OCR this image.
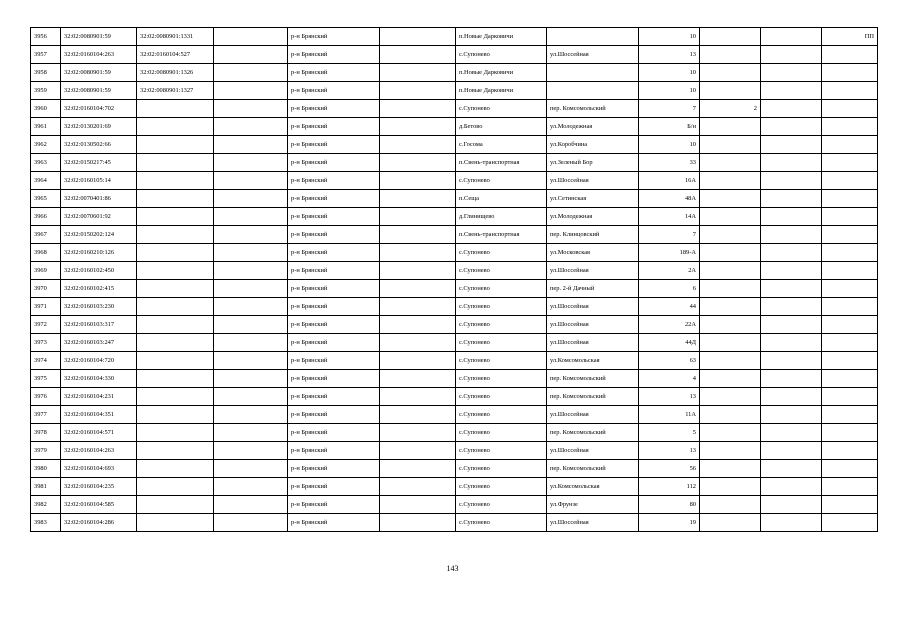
3956	32:02:0080901:59	32:02:0080901:1331		р-н Брянский		п.Новые Дарковичи		10			ПП
3957	32:02:0160104:263	32:02:0160104:527		р-н Брянский		с.Супонево	ул.Шоссейная	13			
3958	32:02:0080901:59	32:02:0080901:1326		р-н Брянский		п.Новые Дарковичи		10			
3959	32:02:0080901:59	32:02:0080901:1327		р-н Брянский		п.Новые Дарковичи		10			
3960	32:02:0160104:702			р-н Брянский		с.Супонево	пер. Комсомольский	7	2		
3961	32:02:0130201:69			р-н Брянский		д.Бетово	ул.Молодежная	Б/н			
3962	32:02:0130502:66			р-н Брянский		с.Госома	ул.Коробчина	10			
3963	32:02:0150217:45			р-н Брянский		п.Свень-транспортная	ул.Зеленый Бор	33			
3964	32:02:0160105:14			р-н Брянский		с.Супонево	ул.Шоссейная	16А			
3965	32:02:0070401:86			р-н Брянский		п.Сеща	ул.Сетинская	48А			
3966	32:02:0070601:92			р-н Брянский		д.Глинищево	ул.Молодежная	14А			
3967	32:02:0150202:124			р-н Брянский		п.Свень-транспортная	пер. Клинцовский	7			
3968	32:02:0160210:126			р-н Брянский		с.Супонево	ул.Московская	189-А			
3969	32:02:0160102:450			р-н Брянский		с.Супонево	ул.Шоссейная	2А			
3970	32:02:0160102:415			р-н Брянский		с.Супонево	пер. 2-й Дачный	6			
3971	32:02:0160103:230			р-н Брянский		с.Супонево	ул.Шоссейная	44			
3972	32:02:0160103:317			р-н Брянский		с.Супонево	ул.Шоссейная	22А			
3973	32:02:0160103:247			р-н Брянский		с.Супонево	ул.Шоссейная	44Д			
3974	32:02:0160104:720			р-н Брянский		с.Супонево	ул.Комсомольская	63			
3975	32:02:0160104:330			р-н Брянский		с.Супонево	пер. Комсомольский	4			
3976	32:02:0160104:231			р-н Брянский		с.Супонево	пер. Комсомольский	13			
3977	32:02:0160104:351			р-н Брянский		с.Супонево	ул.Шоссейная	11А			
3978	32:02:0160104:571			р-н Брянский		с.Супонево	пер. Комсомольский	5			
3979	32:02:0160104:263			р-н Брянский		с.Супонево	ул.Шоссейная	13			
3980	32:02:0160104:693			р-н Брянский		с.Супонево	пер. Комсомольский	56			
3981	32:02:0160104:235			р-н Брянский		с.Супонево	ул.Комсомольская	112			
3982	32:02:0160104:585			р-н Брянский		с.Супонево	ул.Фрунзе	80			
3983	32:02:0160104:286			р-н Брянский		с.Супонево	ул.Шоссейная	19			
143
